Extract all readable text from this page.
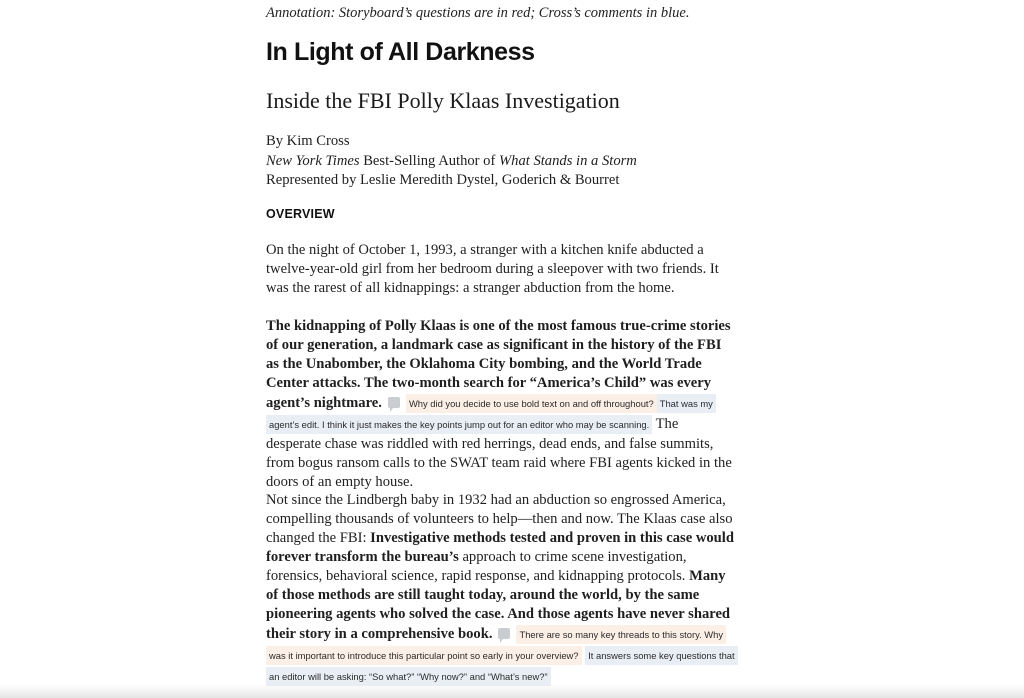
Annotation: Storyboard’s questions are in red; Cross’s comments in blue.
In Light of All Darkness
Inside the FBI Polly Klaas Investigation
By Kim Cross
New York Times Best-Selling Author of What Stands in a Storm
Represented by Leslie Meredith Dystel, Goderich & Bourret
OVERVIEW

On the night of October 1, 1993, a stranger with a kitchen knife abducted a twelve-year-old girl from her bedroom during a sleepover with two friends. It was the rarest of all kidnappings: a stranger abduction from the home.

The kidnapping of Polly Klaas is one of the most famous true-crime stories of our generation, a landmark case as significant in the history of the FBI as the Unabomber, the Oklahoma City bombing, and the World Trade Center attacks. The two-month search for “America’s Child” was every agent’s nightmare.	Why did you decide to use bold text on and off throughout? That was my agent’s edit. I think it just makes the key points jump out for an editor who may be scanning. The desperate chase was riddled with red herrings, dead ends, and false summits, from bogus ransom calls to the SWAT team raid where FBI agents kicked in the doors of an empty house.

Not since the Lindbergh baby in 1932 had an abduction so engrossed America, compelling thousands of volunteers to help—then and now. The Klaas case also changed the FBI: Investigative methods tested and proven in this case would forever transform the bureau’s approach to crime scene investigation, forensics, behavioral science, rapid response, and kidnapping protocols. Many of those methods are still taught today, around the world, by the same pioneering agents who solved the case. And those agents have never shared their story in a comprehensive book.	There are so many key threads to this story. Why was it important to introduce this particular point so early in your overview? It answers some key questions that an editor will be asking: “So what?” “Why now?” and “What’s new?”
